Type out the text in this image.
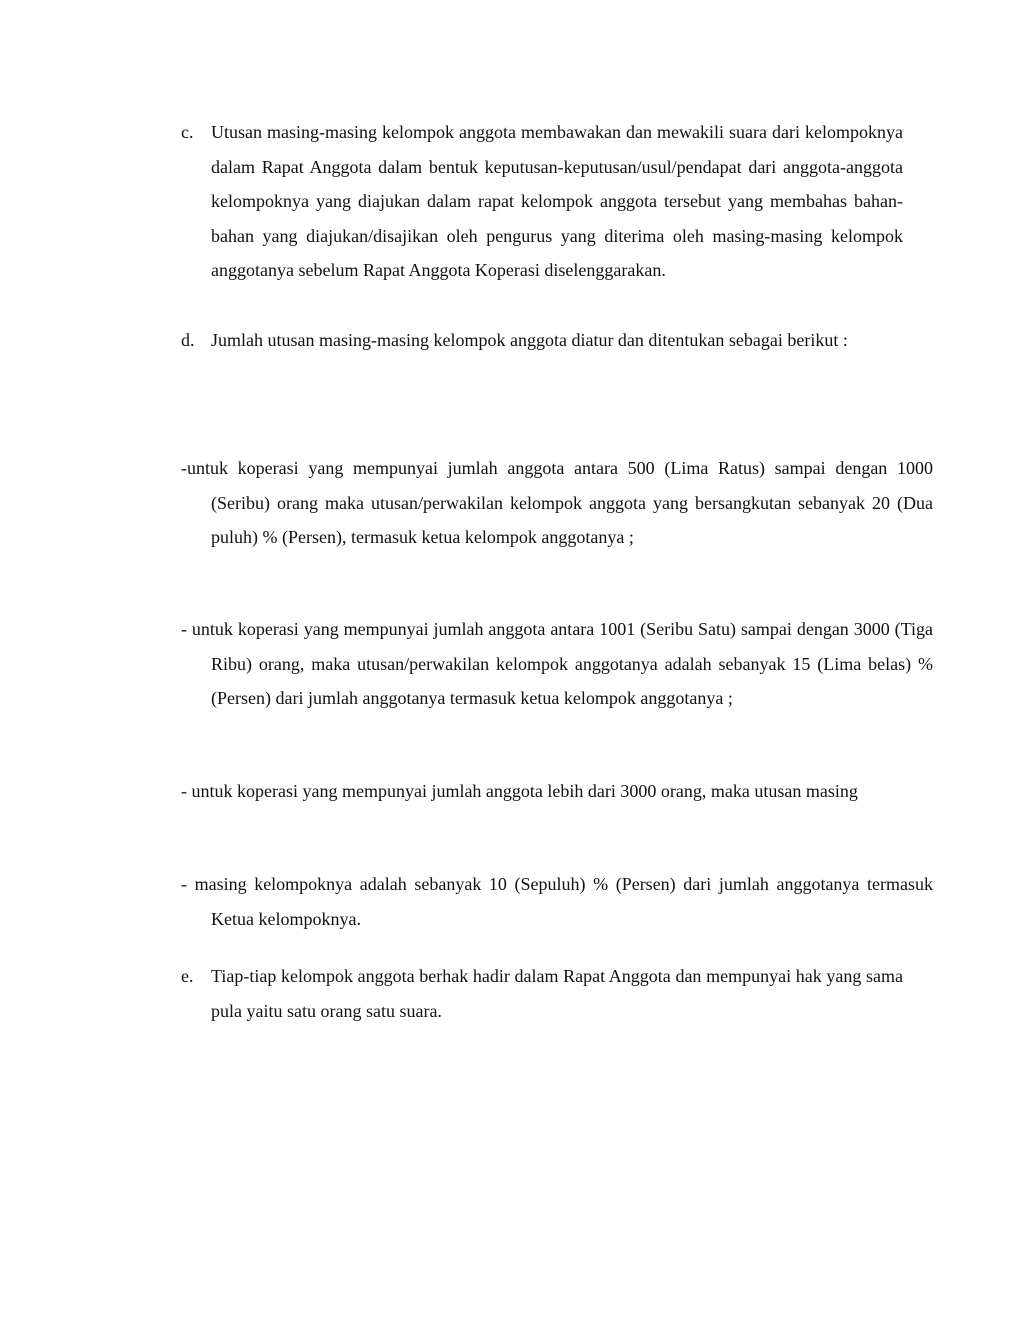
c. Utusan masing-masing kelompok anggota membawakan dan mewakili suara dari kelompoknya dalam Rapat Anggota dalam bentuk keputusan-keputusan/usul/pendapat dari anggota-anggota kelompoknya yang diajukan dalam rapat kelompok anggota tersebut yang membahas bahan-bahan yang diajukan/disajikan oleh pengurus yang diterima oleh masing-masing kelompok anggotanya sebelum Rapat Anggota Koperasi diselenggarakan.
d. Jumlah utusan masing-masing kelompok anggota diatur dan ditentukan sebagai berikut :
-untuk koperasi yang mempunyai jumlah anggota antara 500 (Lima Ratus) sampai dengan 1000 (Seribu) orang maka utusan/perwakilan kelompok anggota yang bersangkutan sebanyak 20 (Dua puluh) % (Persen), termasuk ketua kelompok anggotanya ;
- untuk koperasi yang mempunyai jumlah anggota antara 1001 (Seribu Satu) sampai dengan 3000 (Tiga Ribu) orang, maka utusan/perwakilan kelompok anggotanya adalah sebanyak 15 (Lima belas) % (Persen) dari jumlah anggotanya termasuk ketua kelompok anggotanya ;
- untuk koperasi yang mempunyai jumlah anggota lebih dari 3000 orang, maka utusan masing
- masing kelompoknya adalah sebanyak 10 (Sepuluh) % (Persen) dari jumlah anggotanya termasuk Ketua kelompoknya.
e. Tiap-tiap kelompok anggota berhak hadir dalam Rapat Anggota dan mempunyai hak yang sama pula yaitu satu orang satu suara.
